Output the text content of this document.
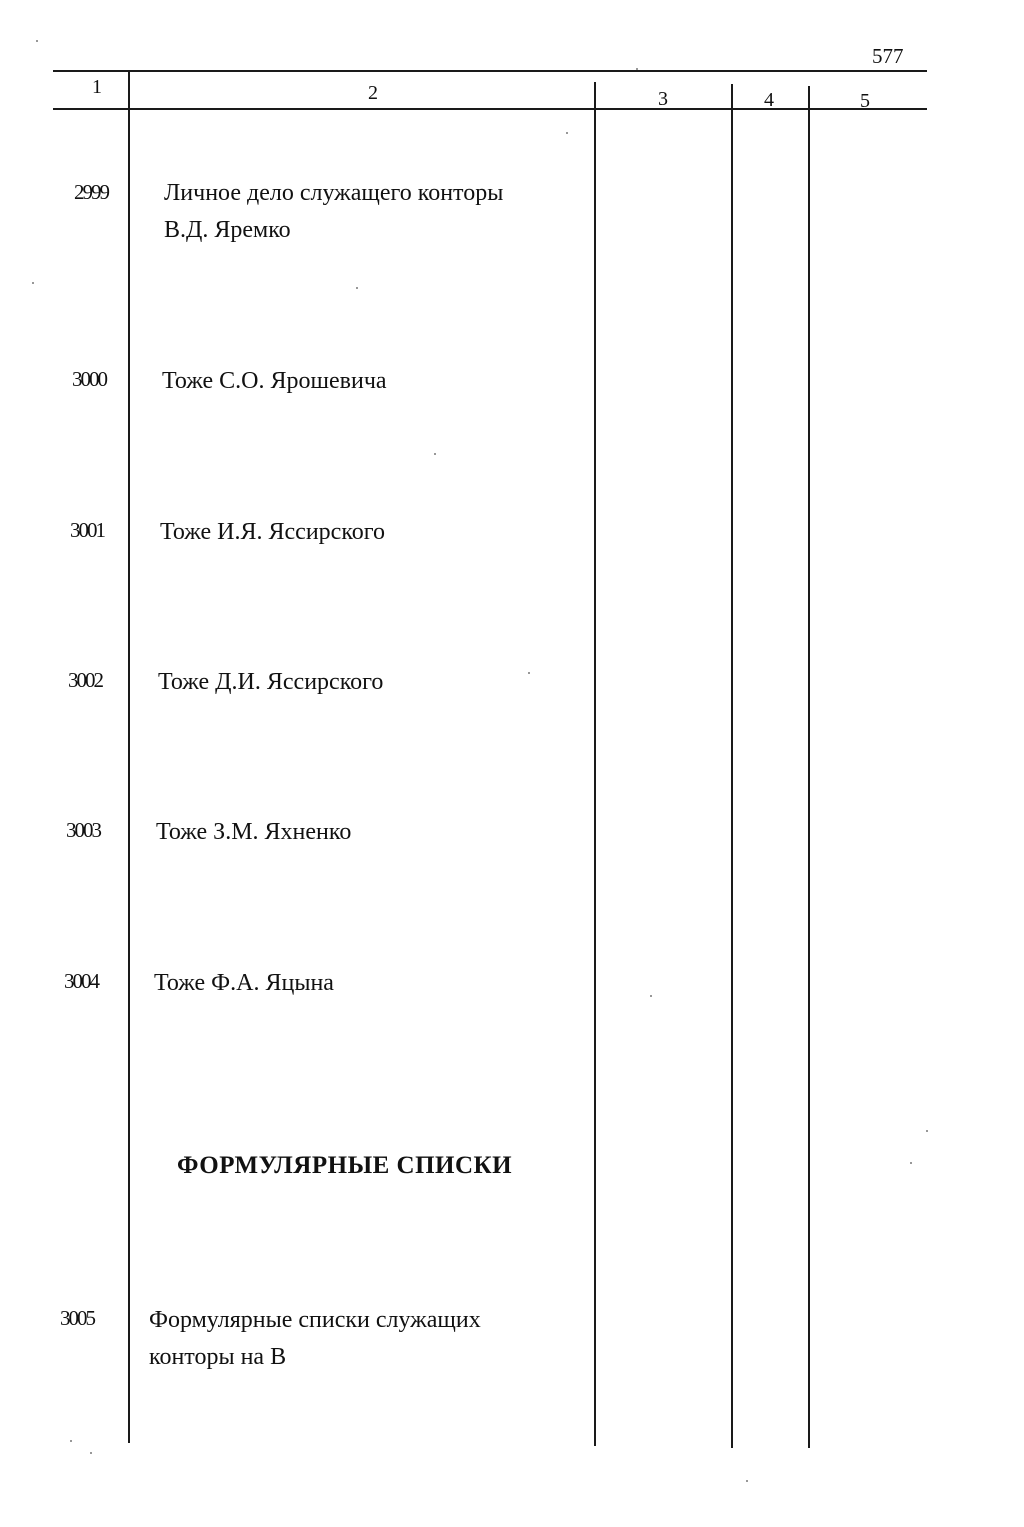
577
1	2	3	4	5
2999 Личное дело служащего конторы
В.Д. Яремко
3000 Тоже С.О. Ярошевича
3001 Тоже И.Я. Яссирского
3002 Тоже Д.И. Яссирского
3003 Тоже З.М. Яхненко
3004 Тоже Ф.А. Яцына
ФОРМУЛЯРНЫЕ СПИСКИ
3005 Формулярные списки служащих
конторы на В
